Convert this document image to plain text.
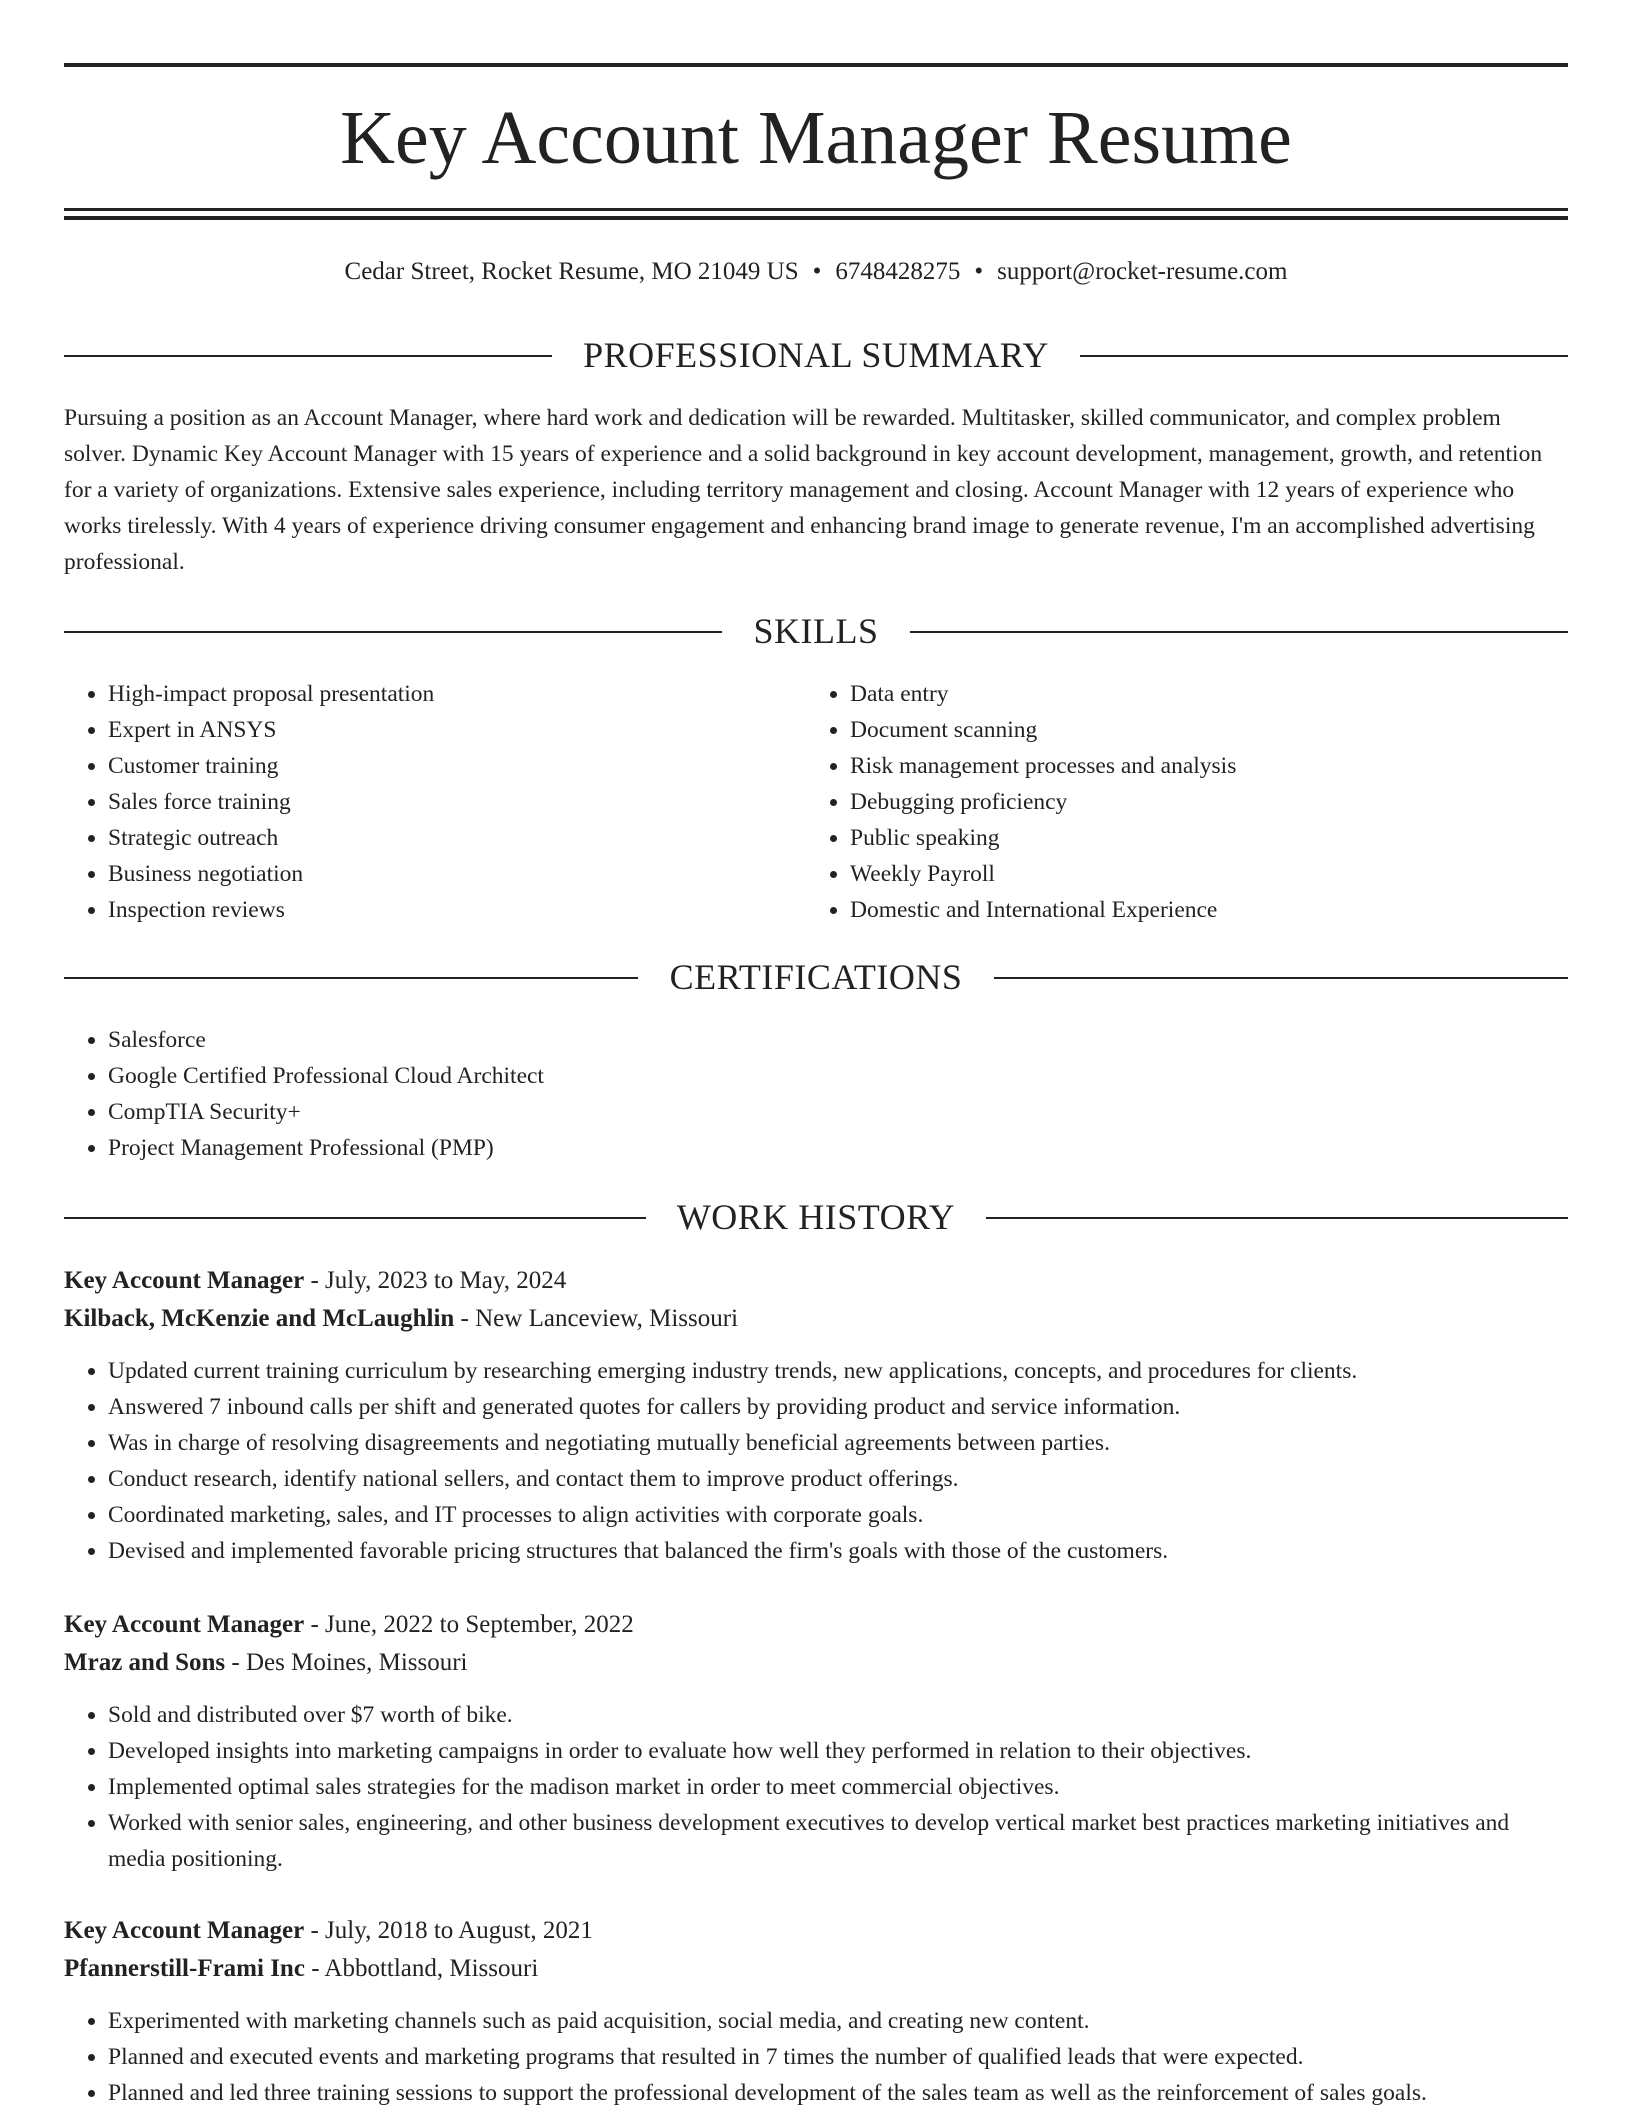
Key Account Manager Resume
Cedar Street, Rocket Resume, MO 21049 US • 6748428275 • support@rocket-resume.com
PROFESSIONAL SUMMARY

Pursuing a position as an Account Manager, where hard work and dedication will be rewarded. Multitasker, skilled communicator, and complex problem solver. Dynamic Key Account Manager with 15 years of experience and a solid background in key account development, management, growth, and retention for a variety of organizations. Extensive sales experience, including territory management and closing. Account Manager with 12 years of experience who works tirelessly. With 4 years of experience driving consumer engagement and enhancing brand image to generate revenue, I'm an accomplished advertising professional.

SKILLS
• High-impact proposal presentation
• Expert in ANSYS
• Customer training
• Sales force training
• Strategic outreach
• Business negotiation
• Inspection reviews
• Data entry
• Document scanning
• Risk management processes and analysis
• Debugging proficiency
• Public speaking
• Weekly Payroll
• Domestic and International Experience
CERTIFICATIONS
• Salesforce
• Google Certified Professional Cloud Architect
• CompTIA Security+
• Project Management Professional (PMP)
WORK HISTORY
Key Account Manager - July, 2023 to May, 2024
Kilback, McKenzie and McLaughlin - New Lanceview, Missouri
• Updated current training curriculum by researching emerging industry trends, new applications, concepts, and procedures for clients.
• Answered 7 inbound calls per shift and generated quotes for callers by providing product and service information.
• Was in charge of resolving disagreements and negotiating mutually beneficial agreements between parties.
• Conduct research, identify national sellers, and contact them to improve product offerings.
• Coordinated marketing, sales, and IT processes to align activities with corporate goals.
• Devised and implemented favorable pricing structures that balanced the firm's goals with those of the customers.
Key Account Manager - June, 2022 to September, 2022
Mraz and Sons - Des Moines, Missouri
• Sold and distributed over $7 worth of bike.
• Developed insights into marketing campaigns in order to evaluate how well they performed in relation to their objectives.
• Implemented optimal sales strategies for the madison market in order to meet commercial objectives.
• Worked with senior sales, engineering, and other business development executives to develop vertical market best practices marketing initiatives and media positioning.
Key Account Manager - July, 2018 to August, 2021
Pfannerstill-Frami Inc - Abbottland, Missouri
• Experimented with marketing channels such as paid acquisition, social media, and creating new content.
• Planned and executed events and marketing programs that resulted in 7 times the number of qualified leads that were expected.
• Planned and led three training sessions to support the professional development of the sales team as well as the reinforcement of sales goals.
